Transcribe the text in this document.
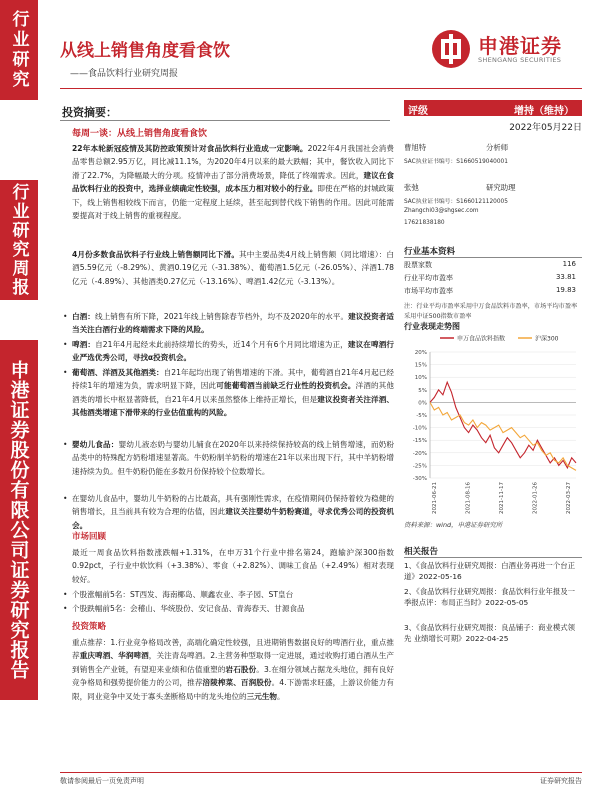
行业研究
行业研究周报
申港证券股份有限公司证券研究报告
从线上销售角度看食饮
——食品饮料行业研究周报
申港证券
SHENGANG SECURITIES
投资摘要：
每周一谈：从线上销售角度看食饮
22年本轮新冠疫情及其防控政策预计对食品饮料行业造成一定影响。2022年4月我国社会消费品零售总额2.95万亿，同比减11.1%，为2020年4月以来的最大跌幅；其中，餐饮收入同比下滑了22.7%，为降幅最大的分项。疫情冲击了部分消费场景，降低了终端需求。因此，建议在食品饮料行业的投资中，选择业绩确定性较强，成本压力相对较小的行业。即使在严格的封城政策下，线上销售相较线下而言，仍能一定程度上延续，甚至起到替代线下销售的作用。因此可能需要提高对于线上销售的重视程度。
4月份多数食品饮料子行业线上销售额同比下滑。其中主要品类4月线上销售额（同比增速）：白酒5.59亿元（-8.29%）、黄酒0.19亿元（-31.38%）、葡萄酒1.5亿元（-26.05%）、洋酒1.78亿元（-4.89%）、其他酒类0.27亿元（-13.16%）、啤酒1.42亿元（-3.13%）。
• 白酒：线上销售有所下降，2021年线上销售除春节档外，均不及2020年的水平。建议投资者适当关注白酒行业的终端需求下降的风险。
• 啤酒：自21年4月起经未此前持续增长的势头，近14个月有6个月同比增速为正，建议在啤酒行业严选优秀公司，寻找α投资机会。
• 葡萄酒、洋酒及其他酒类：自21年起均出现了销售增速的下滑。其中，葡萄酒自21年4月起已经持续1年的增速为负，需求明显下降，因此可能葡萄酒当前缺乏行业性的投资机会。洋酒的其他酒类的增长中枢显著降低，自21年4月以来虽然整体上维持正增长，但是建议投资者关注洋酒、其他酒类增速下滑带来的行业估值重构的风险。
• 婴幼儿食品：婴幼儿液态奶与婴幼儿辅食在2020年以来持续保持较高的线上销售增速，而奶粉品类中的特殊配方奶粉增速显著高。牛奶粉制羊奶粉的增速在21年以来出现下行，其中羊奶粉增速持续为负。但牛奶粉仍能在多数月份保持较个位数增长。
• 在婴幼儿食品中，婴幼儿牛奶粉的占比最高，具有强刚性需求，在疫情期间仍保持着较为稳健的销售增长，且当前具有较为合理的估值，因此建议关注婴幼牛奶粉赛道，寻求优秀公司的投资机会。
市场回顾
最近一周食品饮料指数涨跌幅+1.31%，在申万31个行业中排名第24，跑输沪深300指数0.92pct，子行业中软饮料（+3.38%）、零食（+2.82%）、调味工食品（+2.49%）相对表现较好。
• 个股涨幅前5名：ST西发、海南椰岛、顺鑫农业、李子园、ST皇台
• 个股跌幅前5名：会稽山、华统股份、安记食品、青海春天、甘源食品
投资策略
重点推荐：1.行业竞争格局改善，高端化确定性较强，且进期销售数据良好的啤酒行业，重点推荐重庆啤酒、华润啤酒，关注青岛啤酒。2.主营务种型取得一定进展，通过收购打通白酒从生产到销售全产业链，有望迎来业绩和估值重塑的岩石股份。3.在细分领域占据龙头地位，拥有良好竞争格局和强势提价能力的公司，推荐涪陵榨菜、百润股份。4.下游需求旺盛，上游议价能力有限，同业竞争中叉处于寡头垄断格局中的龙头地位的三元生物。
评级	增持（维持）
2022年05月22日
曹旭特	分析师
SAC执业证书编号：S1660519040001
张弛	研究助理
SAC执业证书编号：S1660121120005
Zhangchi03@shgsec.com
17621838180
行业基本资料
股票家数	116
行业平均市盈率	33.81
市场平均市盈率	19.83
注：行业平均市盈率采用中万食品饮料市盈率，市场平均市盈率采用中证500指数市盈率
行业表现走势图
申万食品饮料指数	沪深300
20%
15%
10%
5%
0%
-5%
-10%
-15%
-20%
-25%
-30%
2021-06-21	2021-08-16	2021-11-17	2022-01-26	2022-03-27
资料来源：wind，申港证券研究所
相关报告
1、《食品饮料行业研究周报：白酒业务再进一个台正道》2022-05-16
2、《食品饮料行业研究周报：食品饮料行业年报及一季报点评：布局正当时》2022-05-05
3、《食品饮料行业研究周报：良品铺子：商业模式领先 业绩增长可期》2022-04-25
敬请参阅最后一页免责声明	证券研究报告
